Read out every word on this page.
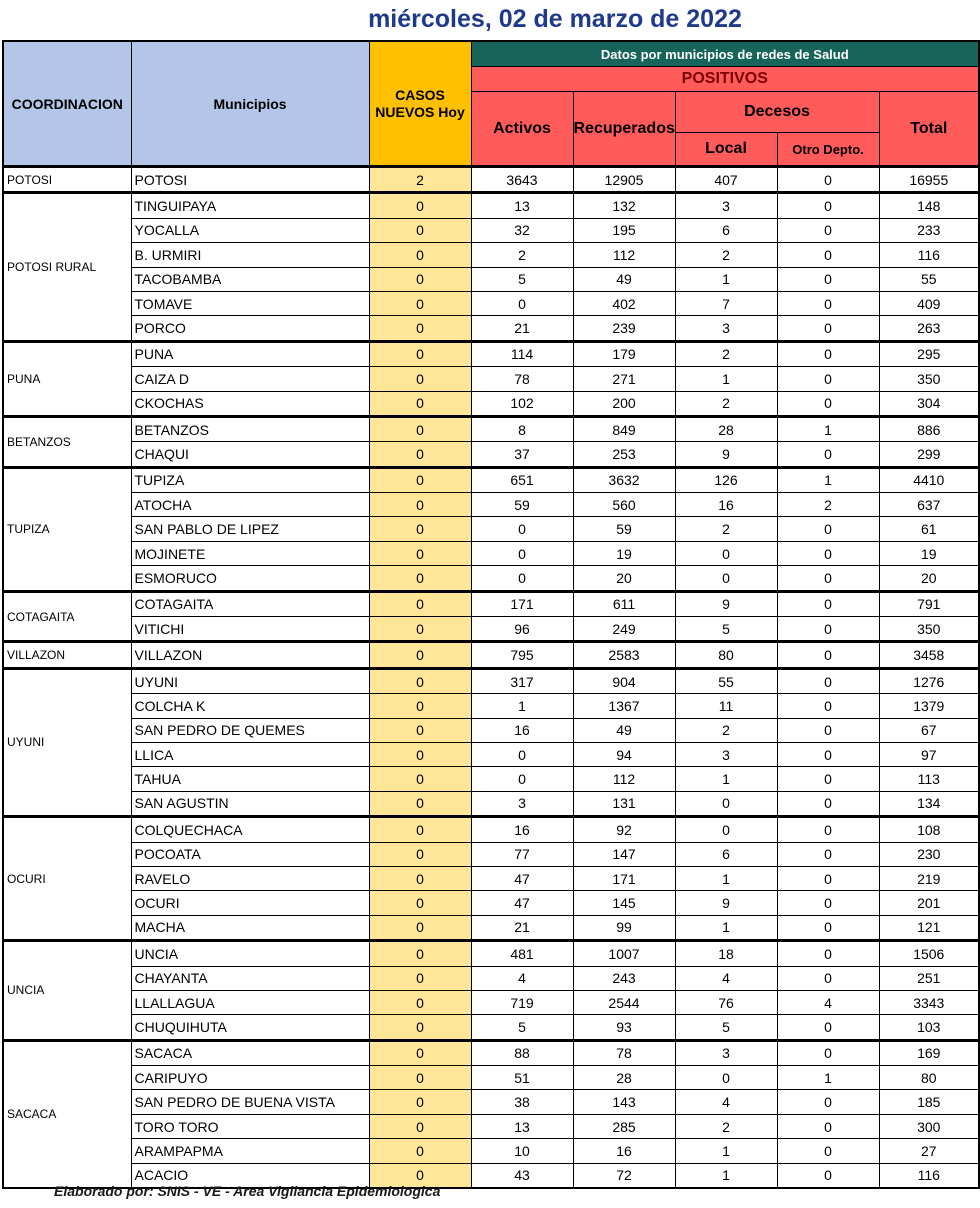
miércoles, 02 de marzo de 2022
COORDINACION	Municipios	CASOS NUEVOS Hoy	Datos por municipios de redes de Salud				
			POSITIVOS				
			Activos	Recuperados	Decesos		Total
					Local	Otro Depto.	
POTOSI	POTOSI	2	3643	12905	407	0	16955
POTOSI RURAL	TINGUIPAYA	0	13	132	3	0	148
	YOCALLA	0	32	195	6	0	233
	B. URMIRI	0	2	112	2	0	116
	TACOBAMBA	0	5	49	1	0	55
	TOMAVE	0	0	402	7	0	409
	PORCO	0	21	239	3	0	263
PUNA	PUNA	0	114	179	2	0	295
	CAIZA D	0	78	271	1	0	350
	CKOCHAS	0	102	200	2	0	304
BETANZOS	BETANZOS	0	8	849	28	1	886
	CHAQUI	0	37	253	9	0	299
TUPIZA	TUPIZA	0	651	3632	126	1	4410
	ATOCHA	0	59	560	16	2	637
	SAN PABLO DE LIPEZ	0	0	59	2	0	61
	MOJINETE	0	0	19	0	0	19
	ESMORUCO	0	0	20	0	0	20
COTAGAITA	COTAGAITA	0	171	611	9	0	791
	VITICHI	0	96	249	5	0	350
VILLAZON	VILLAZON	0	795	2583	80	0	3458
UYUNI	UYUNI	0	317	904	55	0	1276
	COLCHA K	0	1	1367	11	0	1379
	SAN PEDRO DE QUEMES	0	16	49	2	0	67
	LLICA	0	0	94	3	0	97
	TAHUA	0	0	112	1	0	113
	SAN AGUSTIN	0	3	131	0	0	134
OCURI	COLQUECHACA	0	16	92	0	0	108
	POCOATA	0	77	147	6	0	230
	RAVELO	0	47	171	1	0	219
	OCURI	0	47	145	9	0	201
	MACHA	0	21	99	1	0	121
UNCIA	UNCIA	0	481	1007	18	0	1506
	CHAYANTA	0	4	243	4	0	251
	LLALLAGUA	0	719	2544	76	4	3343
	CHUQUIHUTA	0	5	93	5	0	103
SACACA	SACACA	0	88	78	3	0	169
	CARIPUYO	0	51	28	0	1	80
	SAN PEDRO DE BUENA VISTA	0	38	143	4	0	185
	TORO TORO	0	13	285	2	0	300
	ARAMPAPMA	0	10	16	1	0	27
	ACACIO	0	43	72	1	0	116
Elaborado por: SNIS - VE - Area Vigilancia Epidemiologica
